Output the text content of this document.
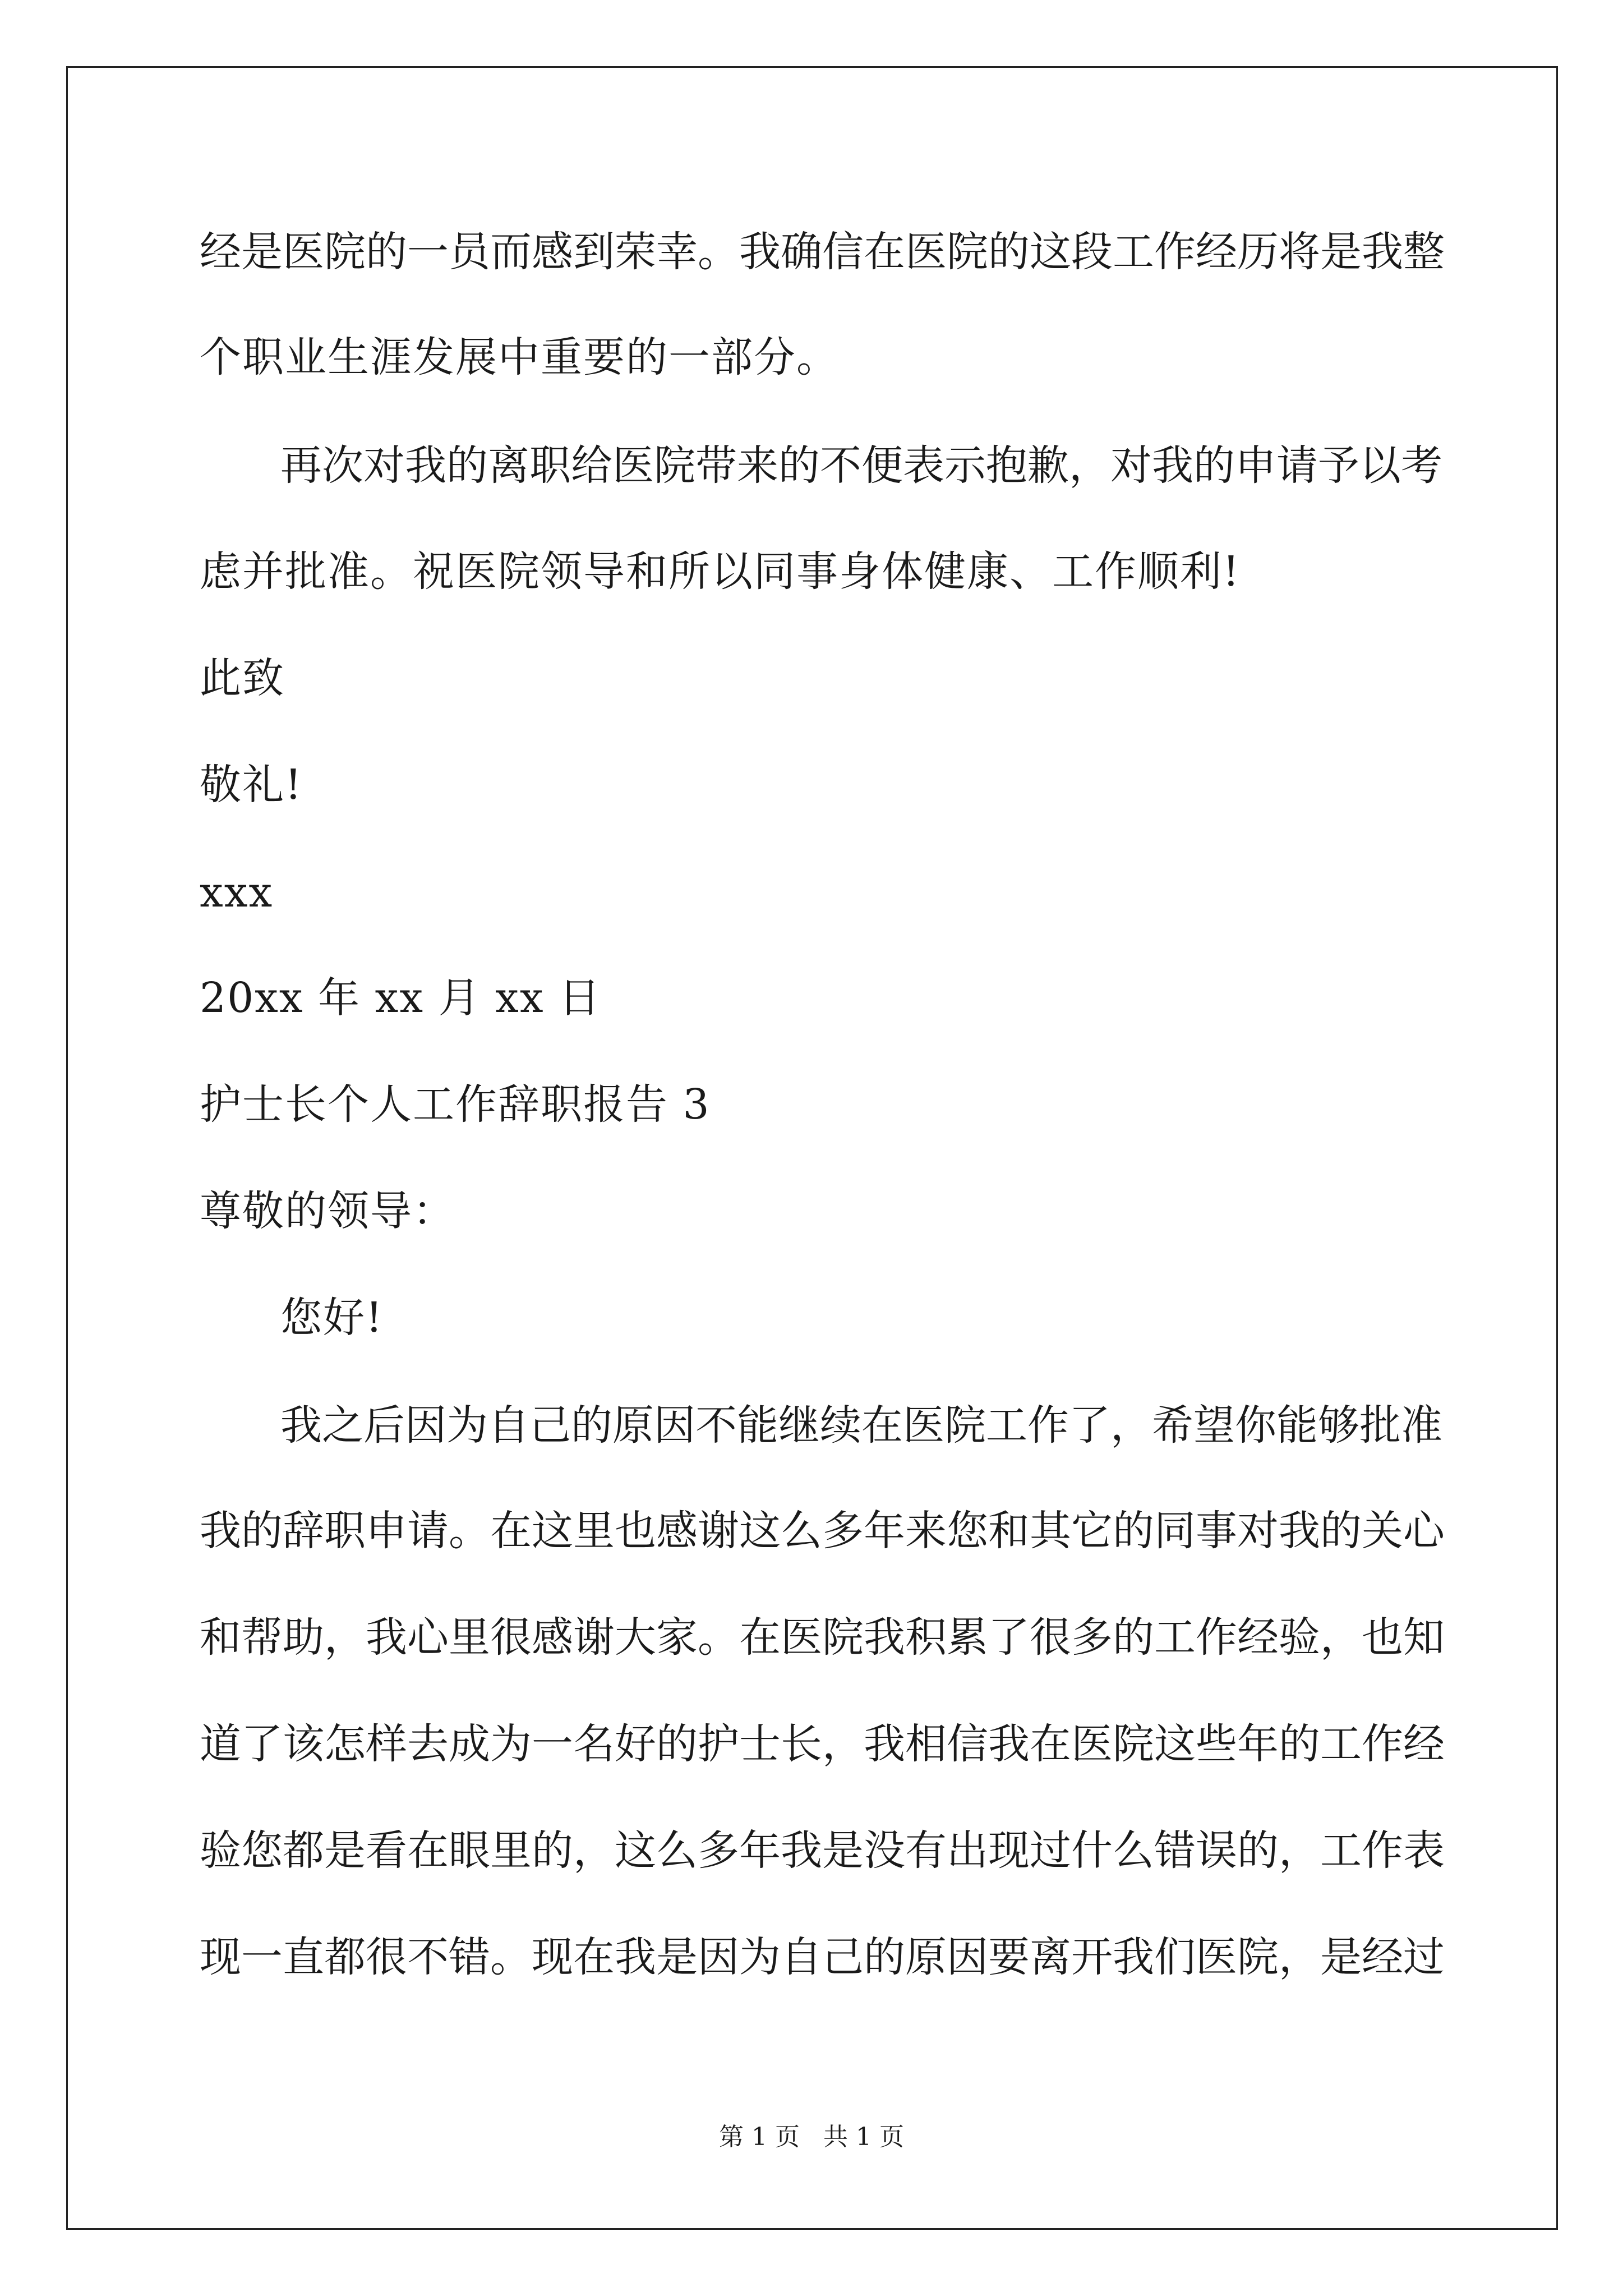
经是医院的一员而感到荣幸。我确信在医院的这段工作经历将是我整
个职业生涯发展中重要的一部分。
再次对我的离职给医院带来的不便表示抱歉，对我的申请予以考
虑并批准。祝医院领导和所以同事身体健康、工作顺利!
此致
敬礼!
xxx
20xx 年 xx 月 xx 日
护士长个人工作辞职报告 3
尊敬的领导：
您好!
我之后因为自己的原因不能继续在医院工作了，希望你能够批准
我的辞职申请。在这里也感谢这么多年来您和其它的同事对我的关心
和帮助，我心里很感谢大家。在医院我积累了很多的工作经验，也知
道了该怎样去成为一名好的护士长，我相信我在医院这些年的工作经
验您都是看在眼里的，这么多年我是没有出现过什么错误的，工作表
现一直都很不错。现在我是因为自己的原因要离开我们医院，是经过
第 1 页   共 1 页
